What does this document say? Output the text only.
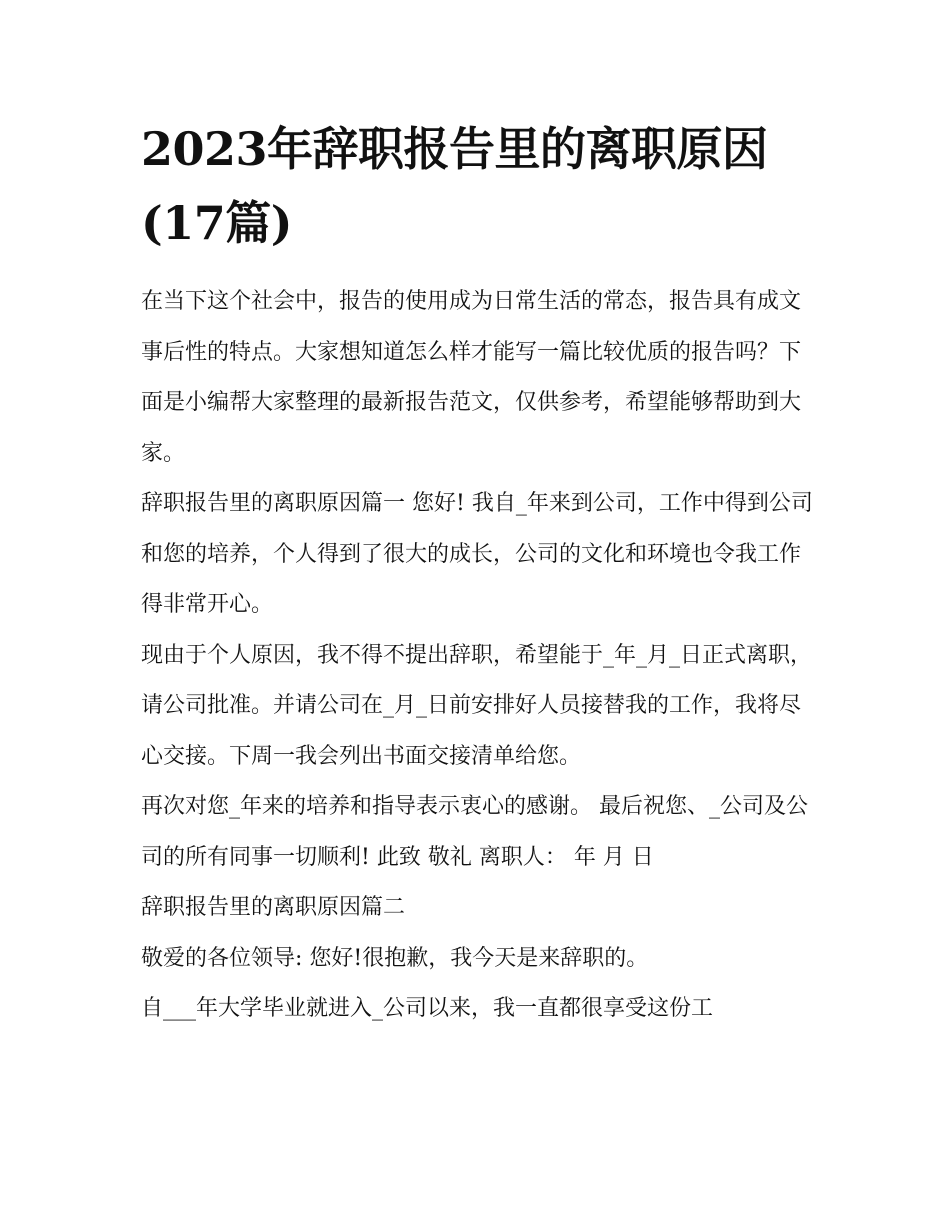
2023年辞职报告里的离职原因(17篇)

在当下这个社会中，报告的使用成为日常生活的常态，报告具有成文事后性的特点。大家想知道怎么样才能写一篇比较优质的报告吗？下面是小编帮大家整理的最新报告范文，仅供参考，希望能够帮助到大家。

辞职报告里的离职原因篇一 您好! 我自_年来到公司，工作中得到公司和您的培养，个人得到了很大的成长，公司的文化和环境也令我工作得非常开心。

现由于个人原因，我不得不提出辞职，希望能于_年_月_日正式离职，请公司批准。并请公司在_月_日前安排好人员接替我的工作，我将尽心交接。下周一我会列出书面交接清单给您。

再次对您_年来的培养和指导表示衷心的感谢。 最后祝您、_公司及公司的所有同事一切顺利! 此致 敬礼 离职人： 年 月 日

辞职报告里的离职原因篇二

敬爱的各位领导: 您好!很抱歉，我今天是来辞职的。

自___年大学毕业就进入_公司以来，我一直都很享受这份工
